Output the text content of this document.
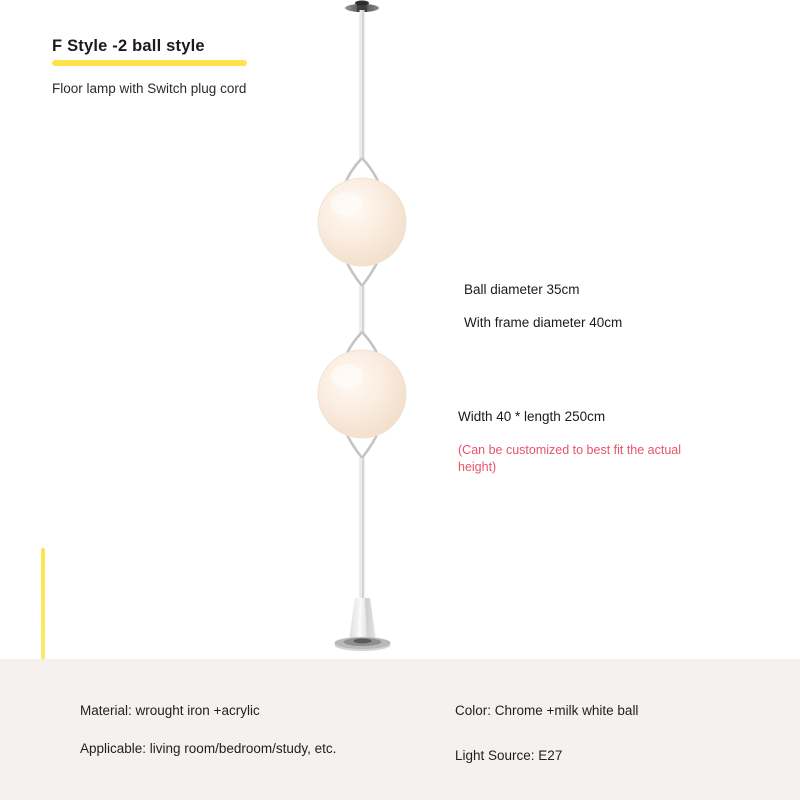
F Style -2 ball style
Floor lamp with Switch plug cord
Ball diameter 35cm
With frame diameter 40cm
Width 40 * length 250cm
(Can be customized to best fit the actual height)
Material: wrought iron +acrylic
Applicable: living room/bedroom/study, etc.
Color: Chrome +milk white ball
Light Source: E27
